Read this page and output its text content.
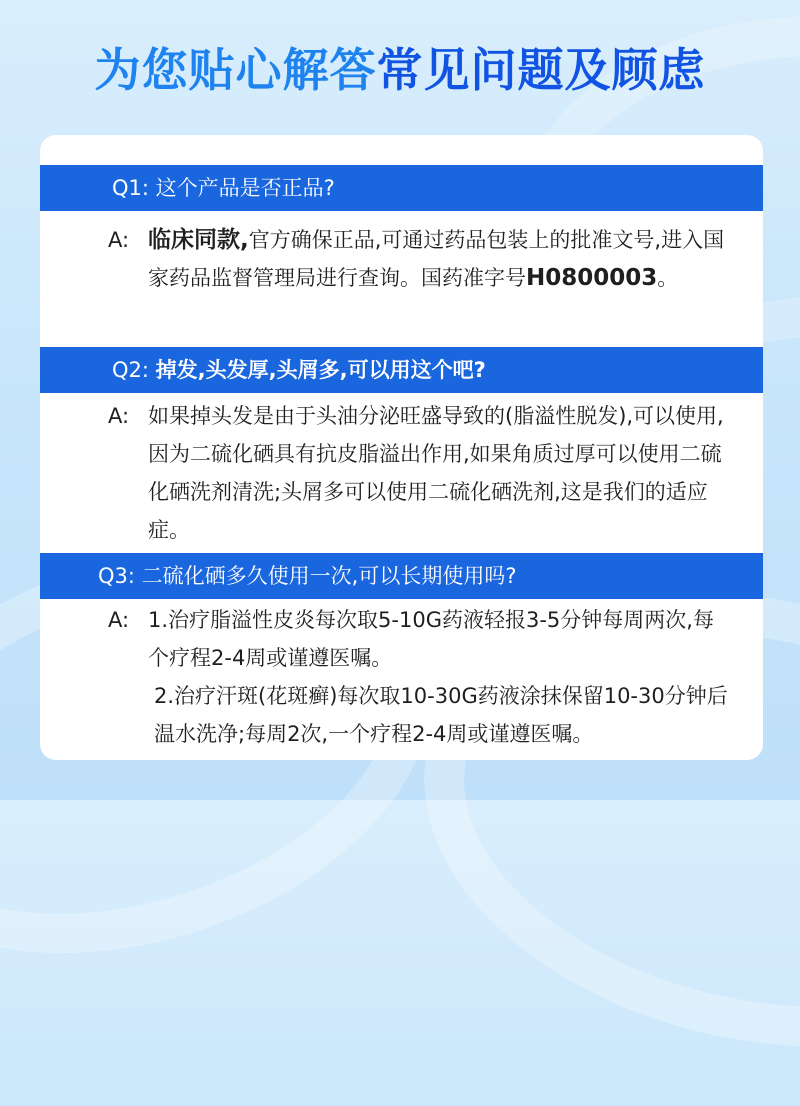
为您贴心解答常见问题及顾虑
Q1: 这个产品是否正品?
A: 临床同款,官方确保正品,可通过药品包装上的批准文号,进入国家药品监督管理局进行查询。国药准字号H0800003。
Q2: 掉发,头发厚,头屑多,可以用这个吧?
A: 如果掉头发是由于头油分泌旺盛导致的(脂溢性脱发),可以使用,因为二硫化硒具有抗皮脂溢出作用,如果角质过厚可以使用二硫化硒洗剂清洗;头屑多可以使用二硫化硒洗剂,这是我们的适应症。
Q3: 二硫化硒多久使用一次,可以长期使用吗?
A: 1.治疗脂溢性皮炎每次取5-10G药液轻报3-5分钟每周两次,每个疗程2-4周或谨遵医嘱。

2.治疗汗斑(花斑癣)每次取10-30G药液涂抹保留10-30分钟后温水洗净;每周2次,一个疗程2-4周或谨遵医嘱。
